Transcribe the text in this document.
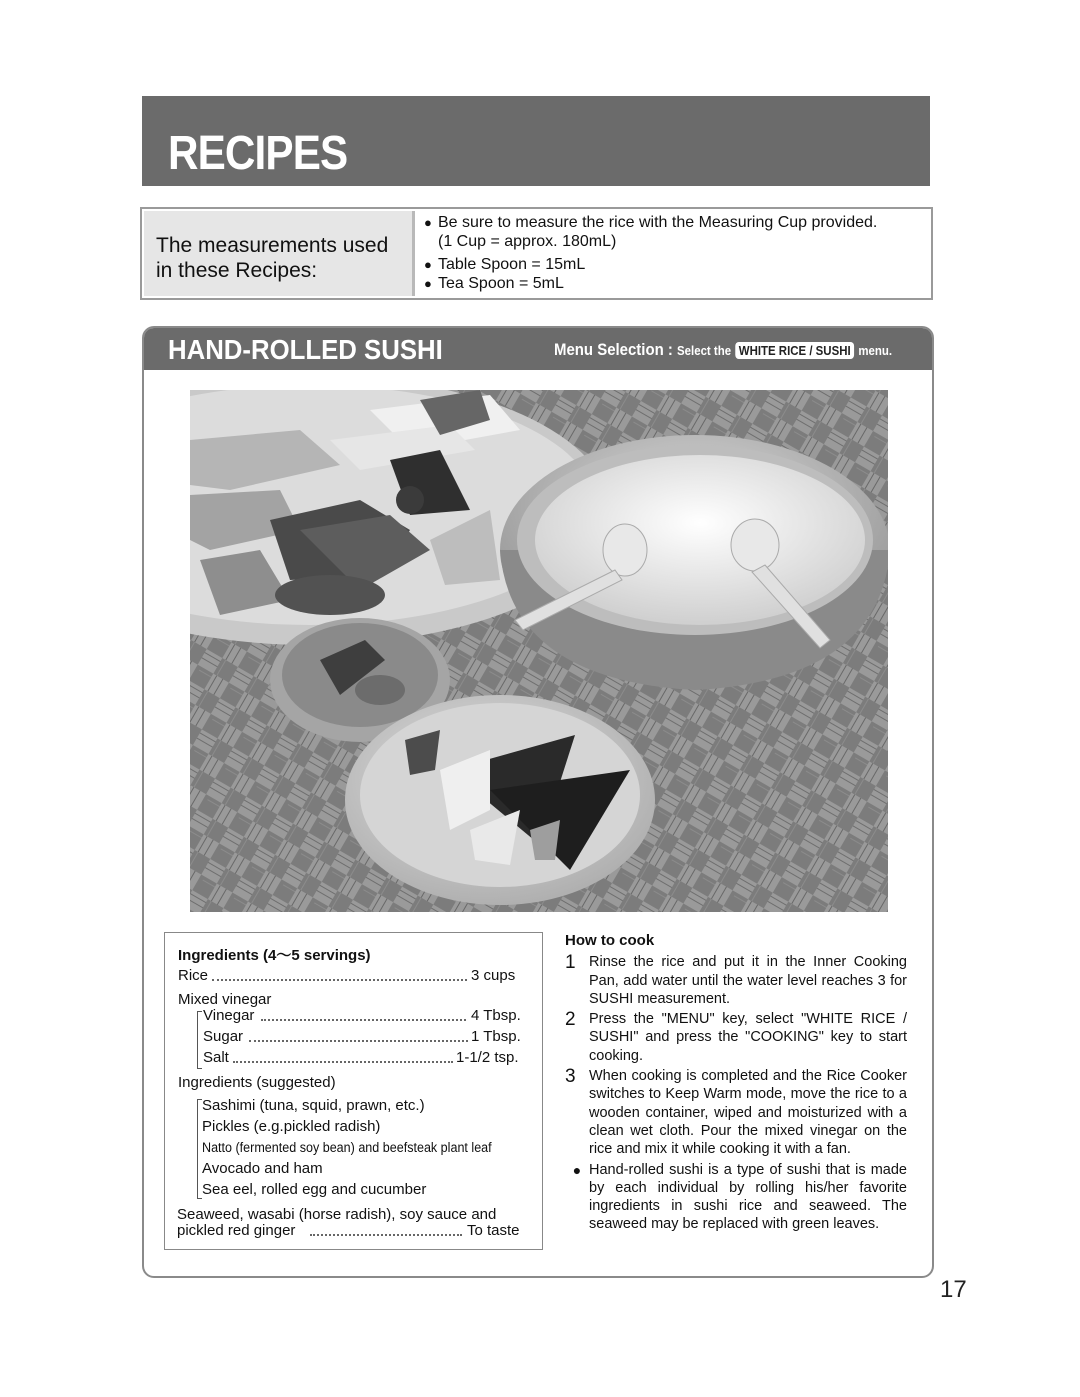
RECIPES
The measurements used in these Recipes:
● Be sure to measure the rice with the Measuring Cup provided.
(1 Cup = approx. 180mL)
● Table Spoon = 15mL
● Tea Spoon = 5mL
HAND-ROLLED SUSHI	Menu Selection : Select the WHITE RICE / SUSHI menu.
Ingredients (4～5 servings)
Rice	3 cups
Mixed vinegar
Vinegar	4 Tbsp.
Sugar	1 Tbsp.
Salt	1-1/2 tsp.
Ingredients (suggested)
Sashimi (tuna, squid, prawn, etc.)
Pickles (e.g.pickled radish)
Natto (fermented soy bean) and beefsteak plant leaf
Avocado and ham
Sea eel, rolled egg and cucumber
Seaweed, wasabi (horse radish), soy sauce and
pickled red ginger	To taste
How to cook
1 Rinse the rice and put it in the Inner Cooking Pan, add water until the water level reaches 3 for SUSHI measurement.
2 Press the "MENU" key, select "WHITE RICE / SUSHI" and press the "COOKING" key to start cooking.
3 When cooking is completed and the Rice Cooker switches to Keep Warm mode, move the rice to a wooden container, wiped and moisturized with a clean wet cloth. Pour the mixed vinegar on the rice and mix it while cooking it with a fan.
● Hand-rolled sushi is a type of sushi that is made by each individual by rolling his/her favorite ingredients in sushi rice and seaweed. The seaweed may be replaced with green leaves.
17
